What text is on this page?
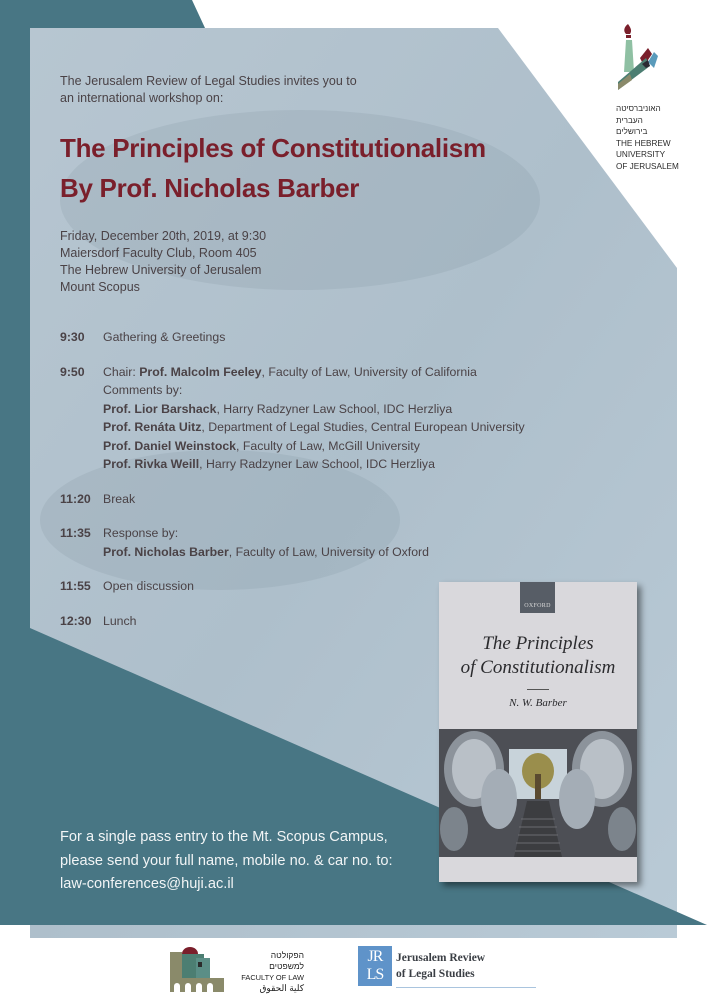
The Jerusalem Review of Legal Studies invites you to
an international workshop on:
The Principles of Constitutionalism
By Prof. Nicholas Barber
Friday, December 20th, 2019, at 9:30
Maiersdorf Faculty Club, Room 405
The Hebrew University of Jerusalem
Mount Scopus
9:30	Gathering & Greetings
9:50	Chair: Prof. Malcolm Feeley, Faculty of Law, University of California
Comments by:
Prof. Lior Barshack, Harry Radzyner Law School, IDC Herzliya
Prof. Renáta Uitz, Department of Legal Studies, Central European University
Prof. Daniel Weinstock, Faculty of Law, McGill University
Prof. Rivka Weill, Harry Radzyner Law School, IDC Herzliya
11:20 Break
11:35 Response by:
Prof. Nicholas Barber, Faculty of Law, University of Oxford
11:55 Open discussion
12:30 Lunch
OXFORD
The Principles
of Constitutionalism
N. W. Barber
For a single pass entry to the Mt. Scopus Campus,
please send your full name, mobile no. & car no. to:
law-conferences@huji.ac.il
האוניברסיטה
העברית
בירושלים
THE HEBREW
UNIVERSITY
OF JERUSALEM
הפקולטה למשפטים
FACULTY OF LAW
كلية الحقوق
JR
LS
Jerusalem Review
of Legal Studies
